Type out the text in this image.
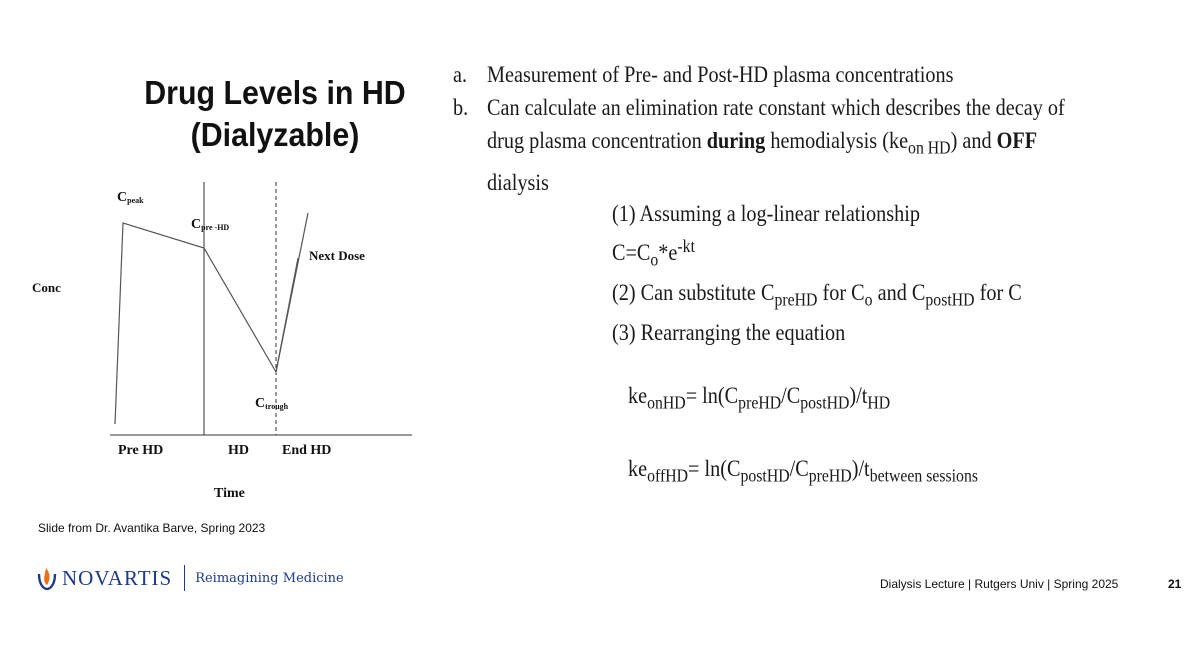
Drug Levels in HD
(Dialyzable)
Conc
$C_{peak}$
$C_{pre -HD}$
$C_{trough}$
Next Dose
Pre HD	HD End HD
Time
a. Measurement of Pre- and Post-HD plasma concentrations
b. Can calculate an elimination rate constant which describes the decay of
drug plasma concentration during hemodialysis $(ke_{on HD})$ and OFF
dialysis
(1) Assuming a log-linear relationship
$C=C_o*e^{-kt}$
(2) Can substitute $C_{preHD}$ for $C_o$ and $C_{postHD}$ for C
(3) Rearranging the equation
$ke_{onHD}= \ln(C_{preHD}/C_{postHD})/t_{HD}$
$ke_{offHD}= \ln(C_{postHD}/C_{preHD})/t_{between sessions}$
Slide from Dr. Avantika Barve, Spring 2023
NOVARTIS Reimagining Medicine	Dialysis Lecture | Rutgers Univ | Spring 2025	21
